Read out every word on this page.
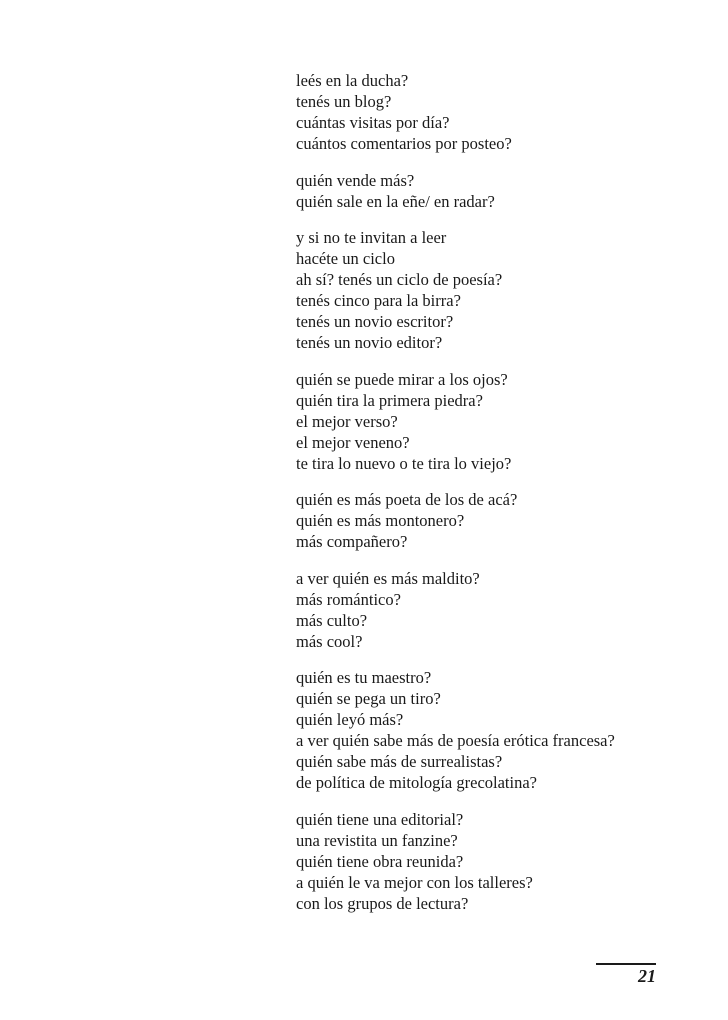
leés en la ducha?
tenés un blog?
cuántas visitas por día?
cuántos comentarios por posteo?
quién vende más?
quién sale en la eñe/ en radar?
y si no te invitan a leer
hacéte un ciclo
ah sí? tenés un ciclo de poesía?
tenés cinco para la birra?
tenés un novio escritor?
tenés un novio editor?
quién se puede mirar a los ojos?
quién tira la primera piedra?
el mejor verso?
el mejor veneno?
te tira lo nuevo o te tira lo viejo?
quién es más poeta de los de acá?
quién es más montonero?
más compañero?
a ver quién es más maldito?
más romántico?
más culto?
más cool?
quién es tu maestro?
quién se pega un tiro?
quién leyó más?
a ver quién sabe más de poesía erótica francesa?
quién sabe más de surrealistas?
de política de mitología grecolatina?
quién tiene una editorial?
una revistita un fanzine?
quién tiene obra reunida?
a quién le va mejor con los talleres?
con los grupos de lectura?
21
